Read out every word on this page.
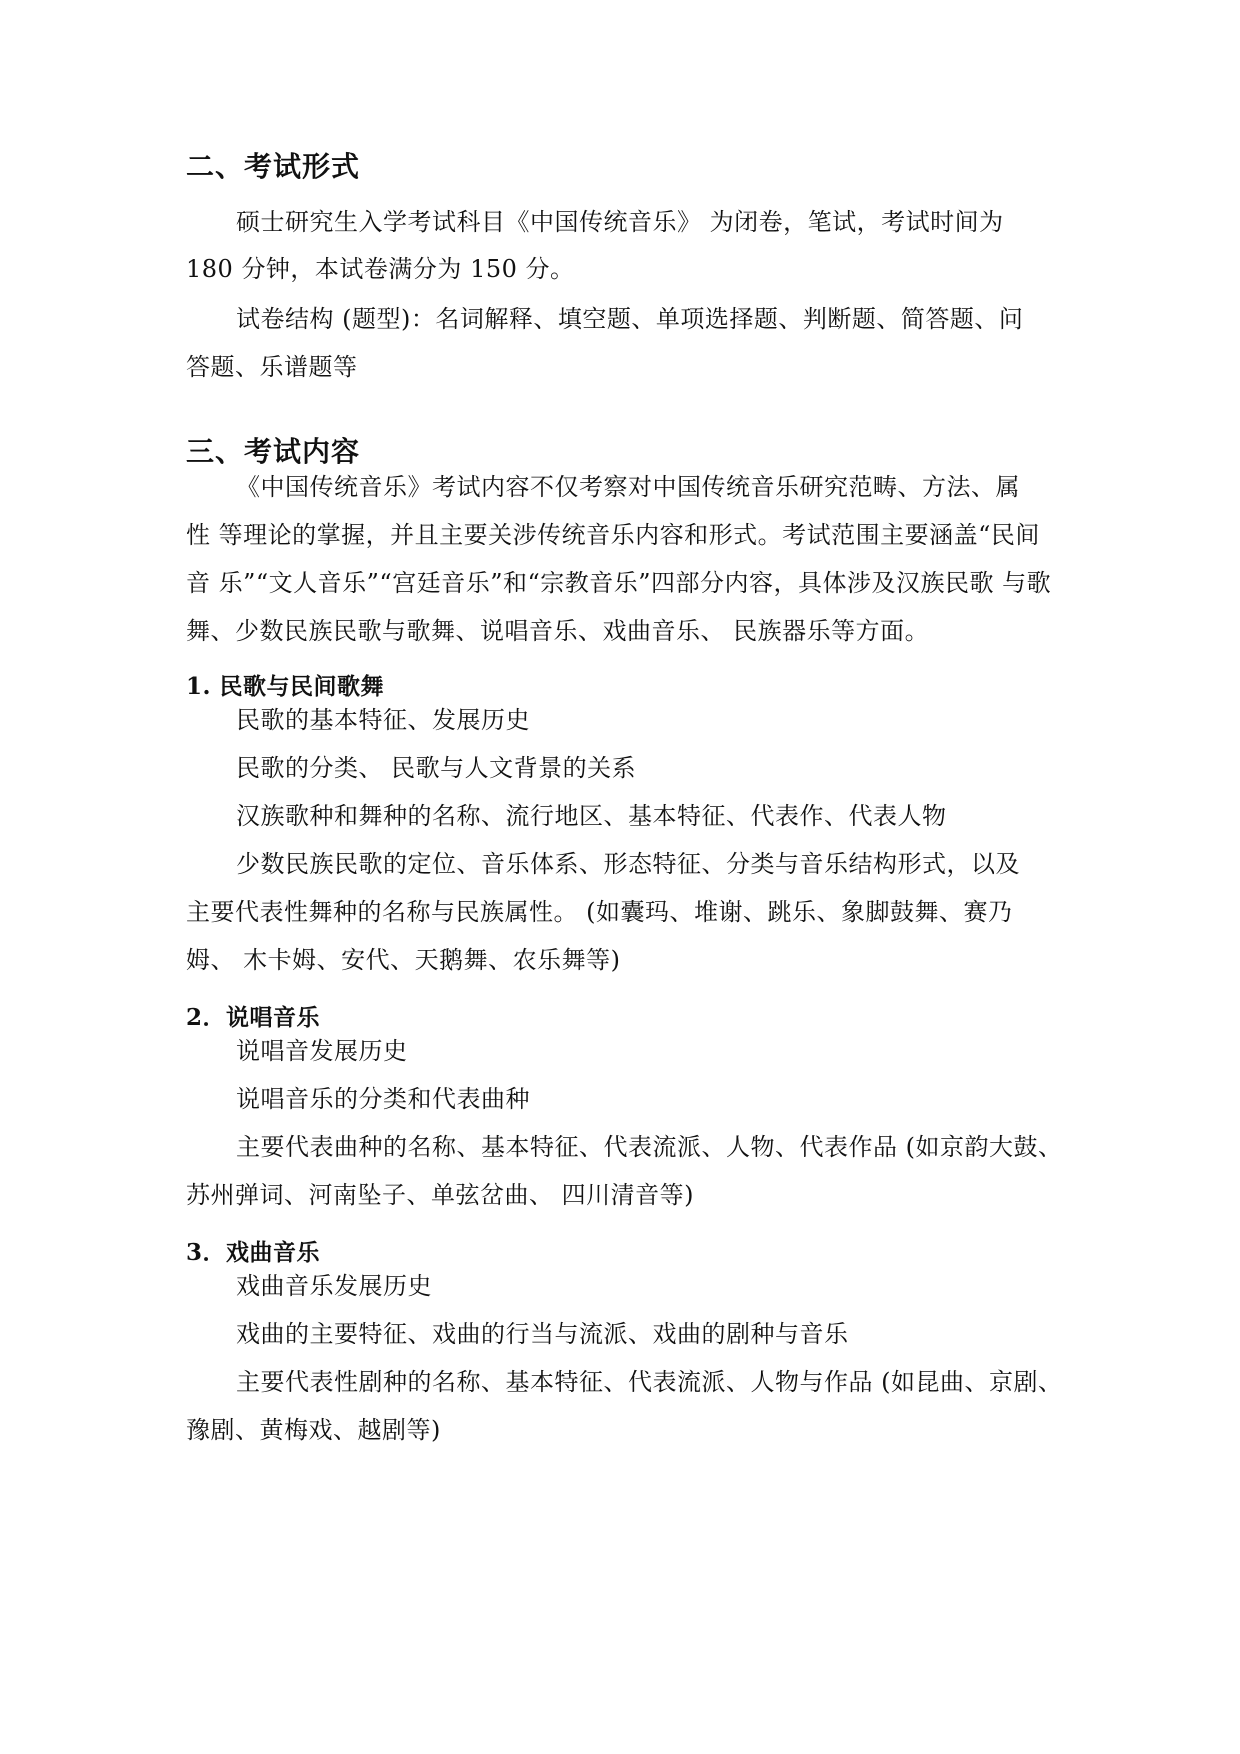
二、考试形式
硕士研究生入学考试科目《中国传统音乐》 为闭卷，笔试，考试时间为
180 分钟，本试卷满分为 150 分。
试卷结构 (题型)：名词解释、填空题、单项选择题、判断题、简答题、问
答题、乐谱题等
三、考试内容
《中国传统音乐》考试内容不仅考察对中国传统音乐研究范畴、方法、属
性 等理论的掌握，并且主要关涉传统音乐内容和形式。考试范围主要涵盖“民间
音 乐”“文人音乐”“宫廷音乐”和“宗教音乐”四部分内容，具体涉及汉族民歌 与歌
舞、少数民族民歌与歌舞、说唱音乐、戏曲音乐、 民族器乐等方面。
1. 民歌与民间歌舞
民歌的基本特征、发展历史
民歌的分类、 民歌与人文背景的关系
汉族歌种和舞种的名称、流行地区、基本特征、代表作、代表人物
少数民族民歌的定位、音乐体系、形态特征、分类与音乐结构形式，以及
主要代表性舞种的名称与民族属性。 (如囊玛、堆谢、跳乐、象脚鼓舞、赛乃
姆、 木卡姆、安代、天鹅舞、农乐舞等)
2．说唱音乐
说唱音发展历史
说唱音乐的分类和代表曲种
主要代表曲种的名称、基本特征、代表流派、人物、代表作品 (如京韵大鼓、
苏州弹词、河南坠子、单弦岔曲、 四川清音等)
3．戏曲音乐
戏曲音乐发展历史
戏曲的主要特征、戏曲的行当与流派、戏曲的剧种与音乐
主要代表性剧种的名称、基本特征、代表流派、人物与作品 (如昆曲、京剧、
豫剧、黄梅戏、越剧等)
